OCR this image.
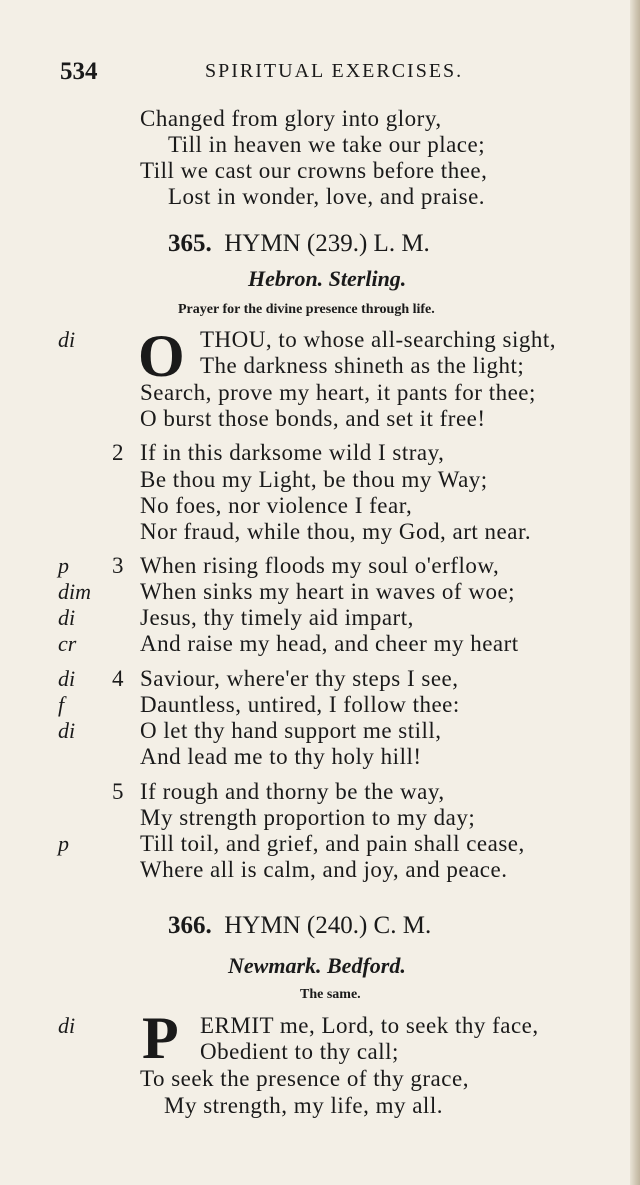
534	SPIRITUAL EXERCISES.
Changed from glory into glory,
Till in heaven we take our place;
Till we cast our crowns before thee,
Lost in wonder, love, and praise.
365. HYMN (239.) L. M.
Hebron. Sterling.
Prayer for the divine presence through life.
di O THOU, to whose all-searching sight,
The darkness shineth as the light;
Search, prove my heart, it pants for thee;
O burst those bonds, and set it free!
2 If in this darksome wild I stray,
Be thou my Light, be thou my Way;
No foes, nor violence I fear,
Nor fraud, while thou, my God, art near.
p
dim
di
cr
3 When rising floods my soul o'erflow,
When sinks my heart in waves of woe;
Jesus, thy timely aid impart,
And raise my head, and cheer my heart
di
f
di
4 Saviour, where'er thy steps I see,
Dauntless, untired, I follow thee:
O let thy hand support me still,
And lead me to thy holy hill!
5 If rough and thorny be the way,
My strength proportion to my day;
p	Till toil, and grief, and pain shall cease,
Where all is calm, and joy, and peace.
366. HYMN (240.) C. M.
Newmark. Bedford.
The same.
di P ERMIT me, Lord, to seek thy face,
Obedient to thy call;
To seek the presence of thy grace,
My strength, my life, my all.
